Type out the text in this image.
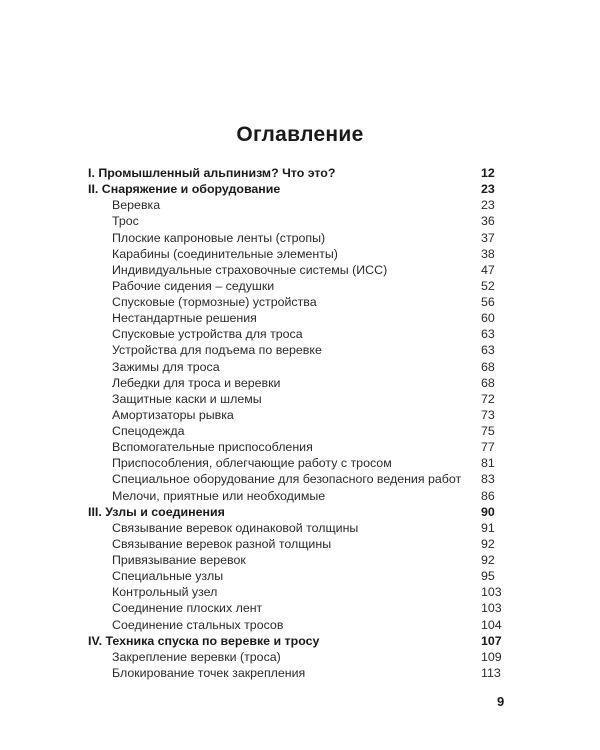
Оглавление
I. Промышленный альпинизм? Что это?	12
II. Снаряжение и оборудование	23
Веревка	23
Трос	36
Плоские капроновые ленты (стропы)	37
Карабины (соединительные элементы)	38
Индивидуальные страховочные системы (ИСС)	47
Рабочие сидения – седушки	52
Спусковые (тормозные) устройства	56
Нестандартные решения	60
Спусковые устройства для троса	63
Устройства для подъема по веревке	63
Зажимы для троса	68
Лебедки для троса и веревки	68
Защитные каски и шлемы	72
Амортизаторы рывка	73
Спецодежда	75
Вспомогательные приспособления	77
Приспособления, облегчающие работу с тросом	81
Специальное оборудование для безопасного ведения работ 83
Мелочи, приятные или необходимые	86
III. Узлы и соединения	90
Связывание веревок одинаковой толщины	91
Связывание веревок разной толщины	92
Привязывание веревок	92
Специальные узлы	95
Контрольный узел	103
Соединение плоских лент	103
Соединение стальных тросов	104
IV. Техника спуска по веревке и тросу	107
Закрепление веревки (троса)	109
Блокирование точек закрепления	113
9
